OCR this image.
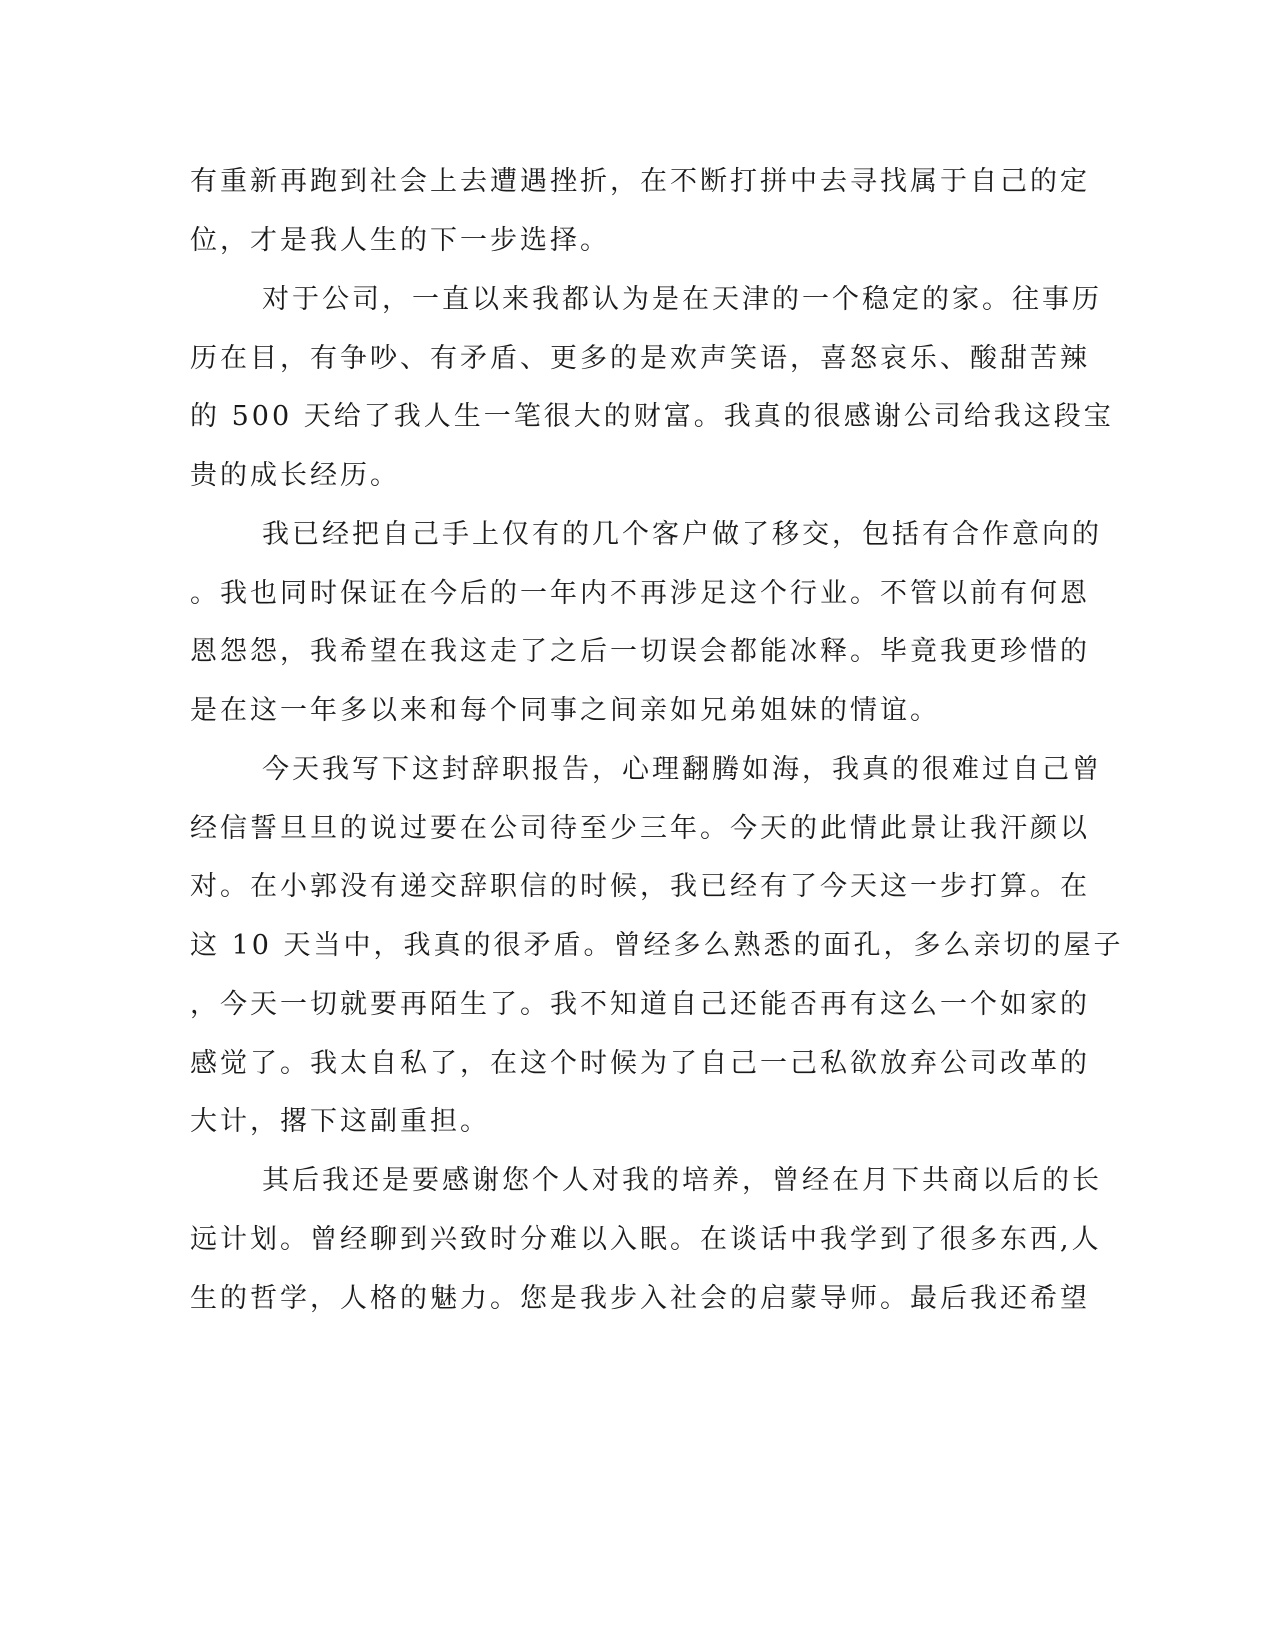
有重新再跑到社会上去遭遇挫折，在不断打拼中去寻找属于自己的定
位，才是我人生的下一步选择。
对于公司，一直以来我都认为是在天津的一个稳定的家。往事历
历在目，有争吵、有矛盾、更多的是欢声笑语，喜怒哀乐、酸甜苦辣
的 500 天给了我人生一笔很大的财富。我真的很感谢公司给我这段宝
贵的成长经历。
我已经把自己手上仅有的几个客户做了移交，包括有合作意向的
。我也同时保证在今后的一年内不再涉足这个行业。不管以前有何恩
恩怨怨，我希望在我这走了之后一切误会都能冰释。毕竟我更珍惜的
是在这一年多以来和每个同事之间亲如兄弟姐妹的情谊。
今天我写下这封辞职报告，心理翻腾如海，我真的很难过自己曾
经信誓旦旦的说过要在公司待至少三年。今天的此情此景让我汗颜以
对。在小郭没有递交辞职信的时候，我已经有了今天这一步打算。在
这 10 天当中，我真的很矛盾。曾经多么熟悉的面孔，多么亲切的屋子
，今天一切就要再陌生了。我不知道自己还能否再有这么一个如家的
感觉了。我太自私了，在这个时候为了自己一己私欲放弃公司改革的
大计，撂下这副重担。
其后我还是要感谢您个人对我的培养，曾经在月下共商以后的长
远计划。曾经聊到兴致时分难以入眠。在谈话中我学到了很多东西,人
生的哲学，人格的魅力。您是我步入社会的启蒙导师。最后我还希望
